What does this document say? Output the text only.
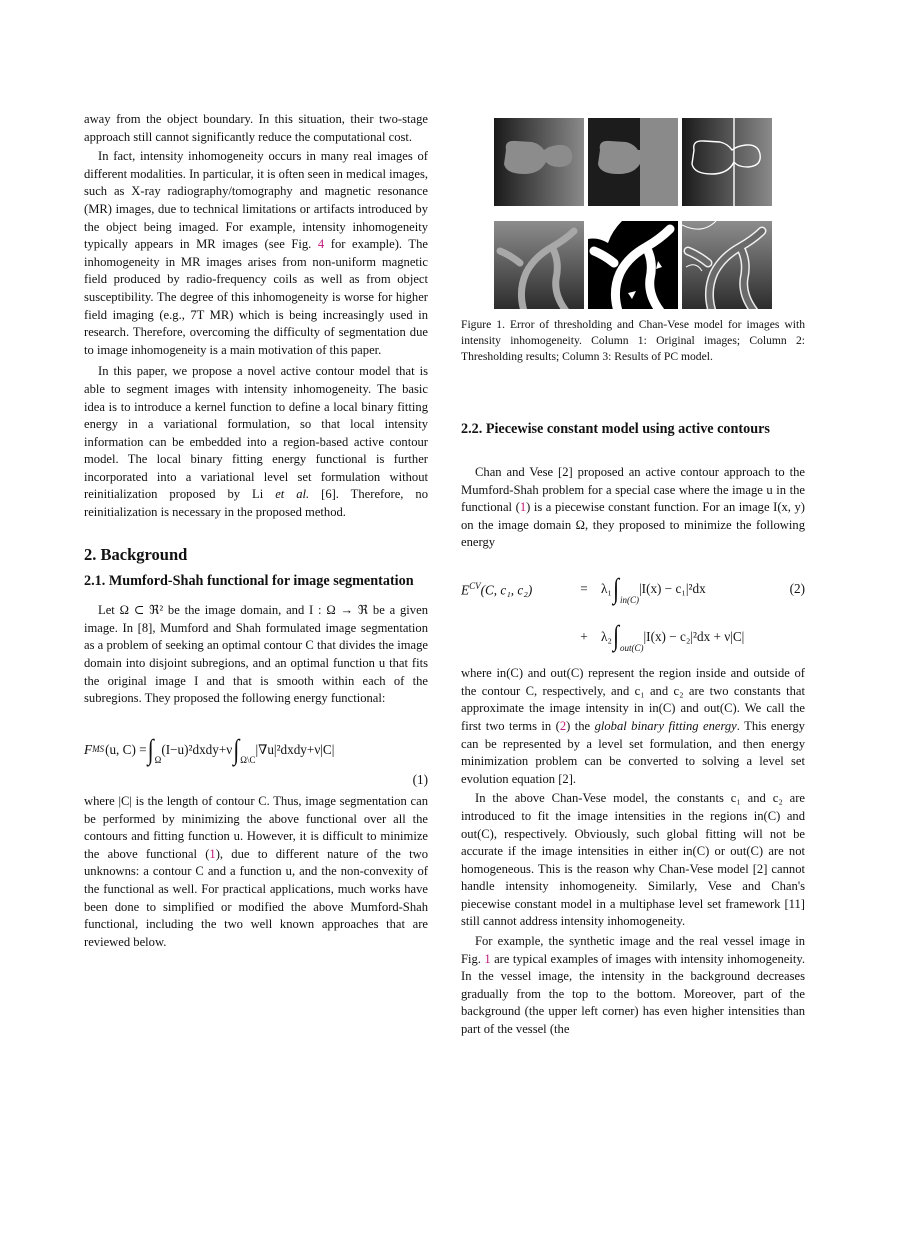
away from the object boundary. In this situation, their two-stage approach still cannot significantly reduce the computational cost.

In fact, intensity inhomogeneity occurs in many real images of different modalities. In particular, it is often seen in medical images, such as X-ray radiography/tomography and magnetic resonance (MR) images, due to technical limitations or artifacts introduced by the object being imaged. For example, intensity inhomogeneity typically appears in MR images (see Fig. 4 for example). The inhomogeneity in MR images arises from non-uniform magnetic field produced by radio-frequency coils as well as from object susceptibility. The degree of this inhomogeneity is worse for higher field imaging (e.g., 7T MR) which is being increasingly used in research. Therefore, overcoming the difficulty of segmentation due to image inhomogeneity is a main motivation of this paper.

In this paper, we propose a novel active contour model that is able to segment images with intensity inhomogeneity. The basic idea is to introduce a kernel function to define a local binary fitting energy in a variational formulation, so that local intensity information can be embedded into a region-based active contour model. The local binary fitting energy functional is further incorporated into a variational level set formulation without reinitialization proposed by Li et al. [6]. Therefore, no reinitialization is necessary in the proposed method.

2. Background
2.1. Mumford-Shah functional for image segmentation

Let Ω ⊂ ℜ² be the image domain, and I : Ω → ℜ be a given image. In [8], Mumford and Shah formulated image segmentation as a problem of seeking an optimal contour C that divides the image domain into disjoint subregions, and an optimal function u that fits the original image I and that is smooth within each of the subregions. They proposed the following energy functional:

F MS (u, $C) = \int_\Omega$
(I−u)²dxdy+ν $\int_{\Omega\backslash C}$
|∇u|²dxdy+ν|C|
(1)

where |C| is the length of contour C. Thus, image segmentation can be performed by minimizing the above functional over all the contours and fitting function u. However, it is difficult to minimize the above functional (1), due to different nature of the two unknowns: a contour C and a function u, and the non-convexity of the functional as well. For practical applications, much works have been done to simplified or modified the above Mumford-Shah functional, including the two well known approaches that are reviewed below.

Figure 1. Error of thresholding and Chan-Vese model for images with intensity inhomogeneity. Column 1: Original images; Column 2: Thresholding results; Column 3: Results of PC model.
2.2. Piecewise constant model using active contours

Chan and Vese [2] proposed an active contour approach to the Mumford-Shah problem for a special case where the image u in the functional (1) is a piecewise constant function. For an image I(x, y) on the image domain Ω, they proposed to minimize the following energy

$E^{CV}(C$, c₁, c₂)	=	λ₁ $\int_{in(C)}$
|I(x) − c₁|²dx	(2)
+	λ₂ $\int_{out(C)}$
|I(x) − c₂|²dx + ν|C|

where in(C) and out(C) represent the region inside and outside of the contour C, respectively, and c₁ and c₂ are two constants that approximate the image intensity in in(C) and out(C). We call the first two terms in (2) the global binary fitting energy. This energy can be represented by a level set formulation, and then energy minimization problem can be converted to solving a level set evolution equation [2].

In the above Chan-Vese model, the constants c₁ and c₂ are introduced to fit the image intensities in the regions in(C) and out(C), respectively. Obviously, such global fitting will not be accurate if the image intensities in either in(C) or out(C) are not homogeneous. This is the reason why Chan-Vese model [2] cannot handle intensity inhomogeneity. Similarly, Vese and Chan's piecewise constant model in a multiphase level set framework [11] still cannot address intensity inhomogeneity.

For example, the synthetic image and the real vessel image in Fig. 1 are typical examples of images with intensity inhomogeneity. In the vessel image, the intensity in the background decreases gradually from the top to the bottom. Moreover, part of the background (the upper left corner) has even higher intensities than part of the vessel (the
